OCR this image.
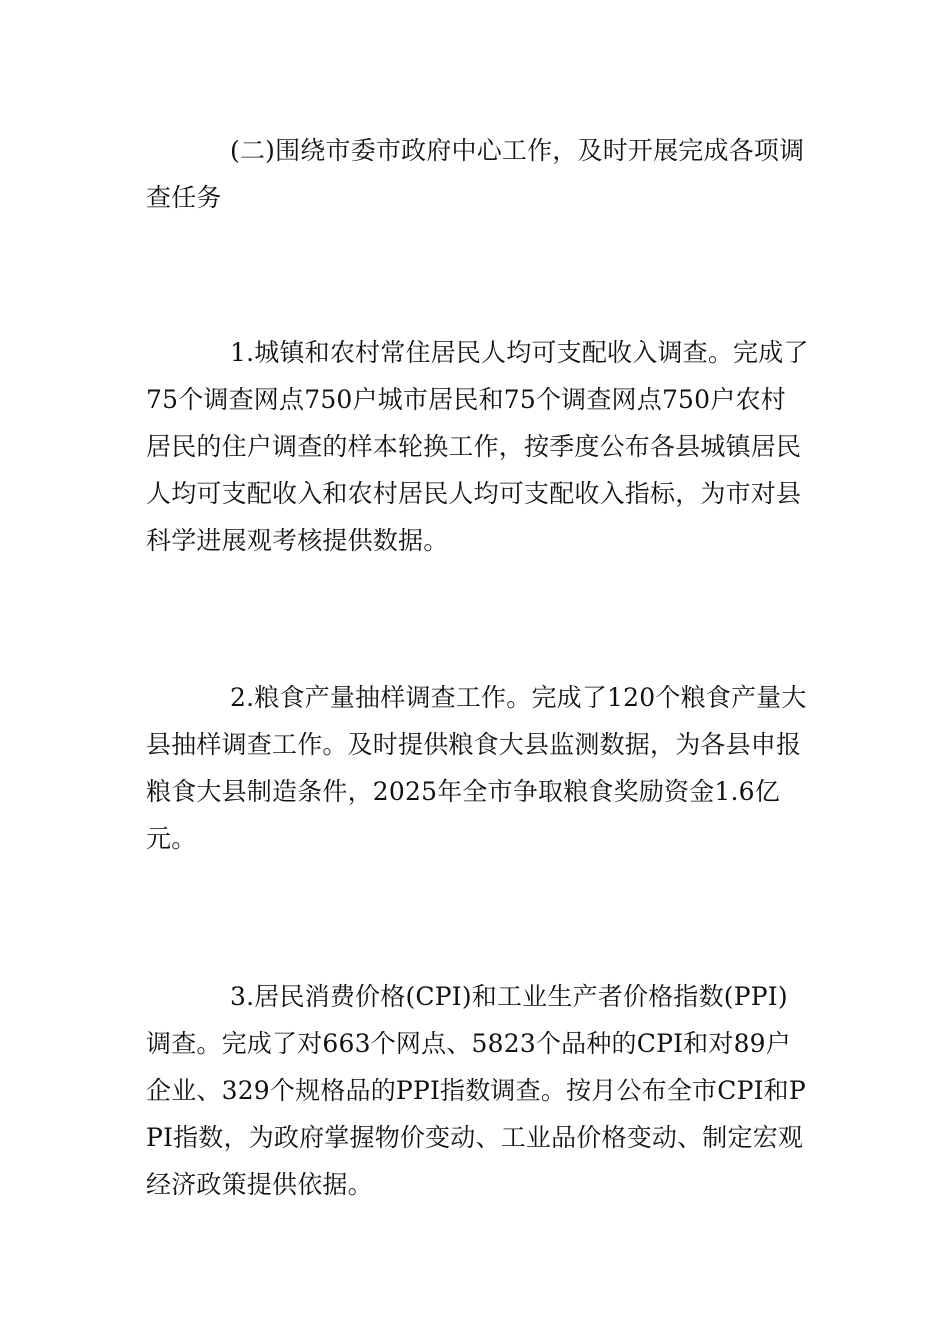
(二)围绕市委市政府中心工作，及时开展完成各项调查任务

1.城镇和农村常住居民人均可支配收入调查。完成了75个调查网点750户城市居民和75个调查网点750户农村居民的住户调查的样本轮换工作，按季度公布各县城镇居民人均可支配收入和农村居民人均可支配收入指标，为市对县科学进展观考核提供数据。

2.粮食产量抽样调查工作。完成了120个粮食产量大县抽样调查工作。及时提供粮食大县监测数据，为各县申报粮食大县制造条件，2025年全市争取粮食奖励资金1.6亿元。

3.居民消费价格(CPI)和工业生产者价格指数(PPI)调查。完成了对663个网点、5823个品种的CPI和对89户企业、329个规格品的PPI指数调查。按月公布全市CPI和PPI指数，为政府掌握物价变动、工业品价格变动、制定宏观经济政策提供依据。
